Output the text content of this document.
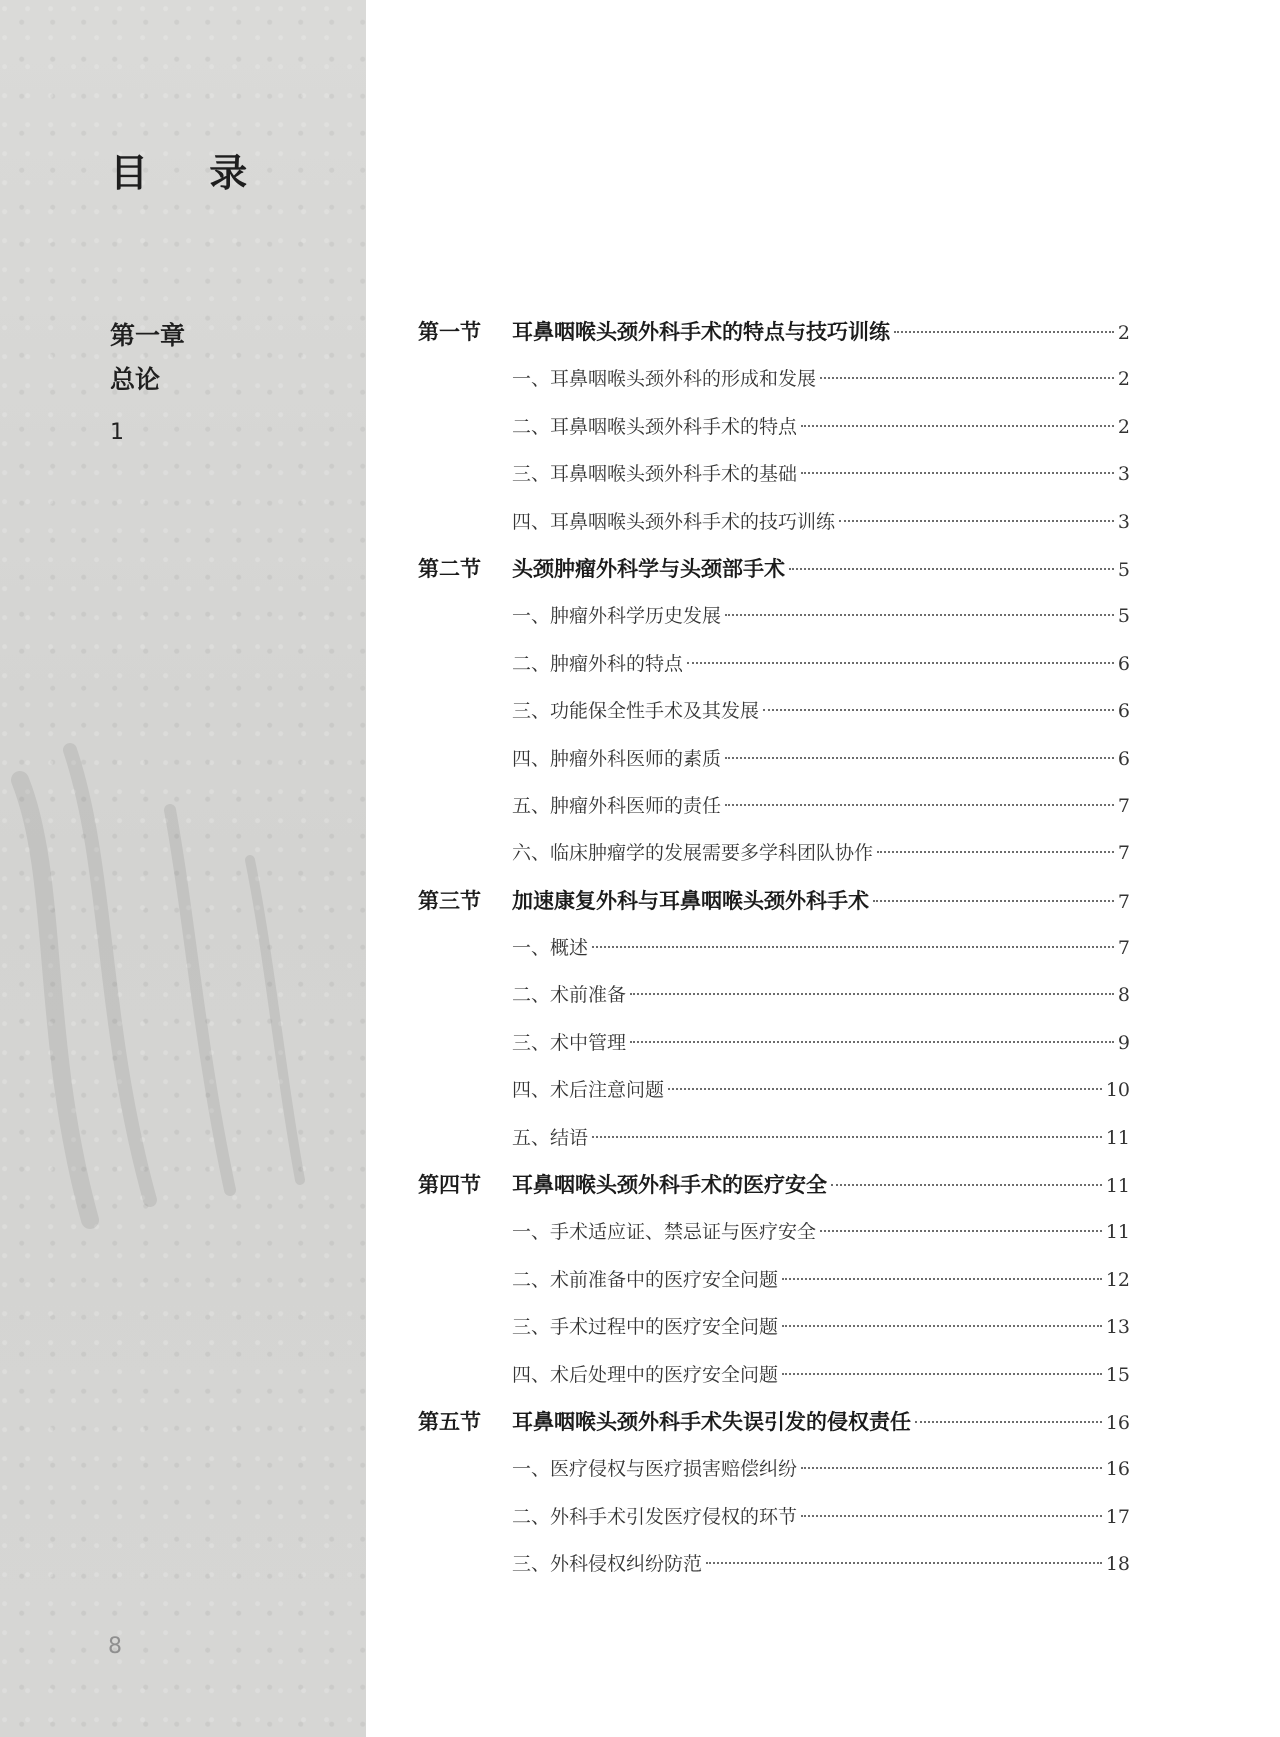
目 录
第一章
总论
1
8
第一节	耳鼻咽喉头颈外科手术的特点与技巧训练	2
一、耳鼻咽喉头颈外科的形成和发展	2
二、耳鼻咽喉头颈外科手术的特点	2
三、耳鼻咽喉头颈外科手术的基础	3
四、耳鼻咽喉头颈外科手术的技巧训练	3
第二节	头颈肿瘤外科学与头颈部手术	5
一、肿瘤外科学历史发展	5
二、肿瘤外科的特点	6
三、功能保全性手术及其发展	6
四、肿瘤外科医师的素质	6
五、肿瘤外科医师的责任	7
六、临床肿瘤学的发展需要多学科团队协作	7
第三节	加速康复外科与耳鼻咽喉头颈外科手术	7
一、概述	7
二、术前准备	8
三、术中管理	9
四、术后注意问题	10
五、结语	11
第四节	耳鼻咽喉头颈外科手术的医疗安全	11
一、手术适应证、禁忌证与医疗安全	11
二、术前准备中的医疗安全问题	12
三、手术过程中的医疗安全问题	13
四、术后处理中的医疗安全问题	15
第五节	耳鼻咽喉头颈外科手术失误引发的侵权责任	16
一、医疗侵权与医疗损害赔偿纠纷	16
二、外科手术引发医疗侵权的环节	17
三、外科侵权纠纷防范	18
